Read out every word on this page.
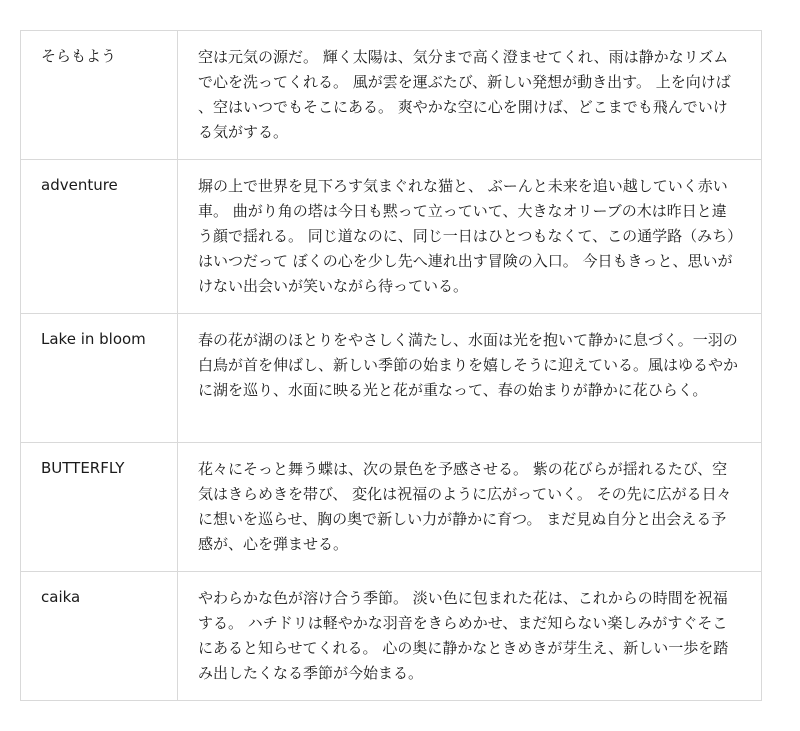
そらもよう	空は元気の源だ。 輝く太陽は、気分まで高く澄ませてくれ、雨は静かなリズムで心を洗ってくれる。 風が雲を運ぶたび、新しい発想が動き出す。 上を向けば、空はいつでもそこにある。 爽やかな空に心を開けば、どこまでも飛んでいける気がする。
adventure	塀の上で世界を見下ろす気まぐれな猫と、 ぶーんと未来を追い越していく赤い車。 曲がり角の塔は今日も黙って立っていて、大きなオリーブの木は昨日と違う顔で揺れる。 同じ道なのに、同じ一日はひとつもなくて、この通学路（みち）はいつだって ぼくの心を少し先へ連れ出す冒険の入口。 今日もきっと、思いがけない出会いが笑いながら待っている。
Lake in bloom	春の花が湖のほとりをやさしく満たし、水面は光を抱いて静かに息づく。一羽の白鳥が首を伸ばし、新しい季節の始まりを嬉しそうに迎えている。風はゆるやかに湖を巡り、水面に映る光と花が重なって、春の始まりが静かに花ひらく。
BUTTERFLY	花々にそっと舞う蝶は、次の景色を予感させる。 紫の花びらが揺れるたび、空気はきらめきを帯び、 変化は祝福のように広がっていく。 その先に広がる日々に想いを巡らせ、胸の奥で新しい力が静かに育つ。 まだ見ぬ自分と出会える予感が、心を弾ませる。
caika	やわらかな色が溶け合う季節。 淡い色に包まれた花は、これからの時間を祝福する。 ハチドリは軽やかな羽音をきらめかせ、まだ知らない楽しみがすぐそこにあると知らせてくれる。 心の奥に静かなときめきが芽生え、新しい一歩を踏み出したくなる季節が今始まる。
